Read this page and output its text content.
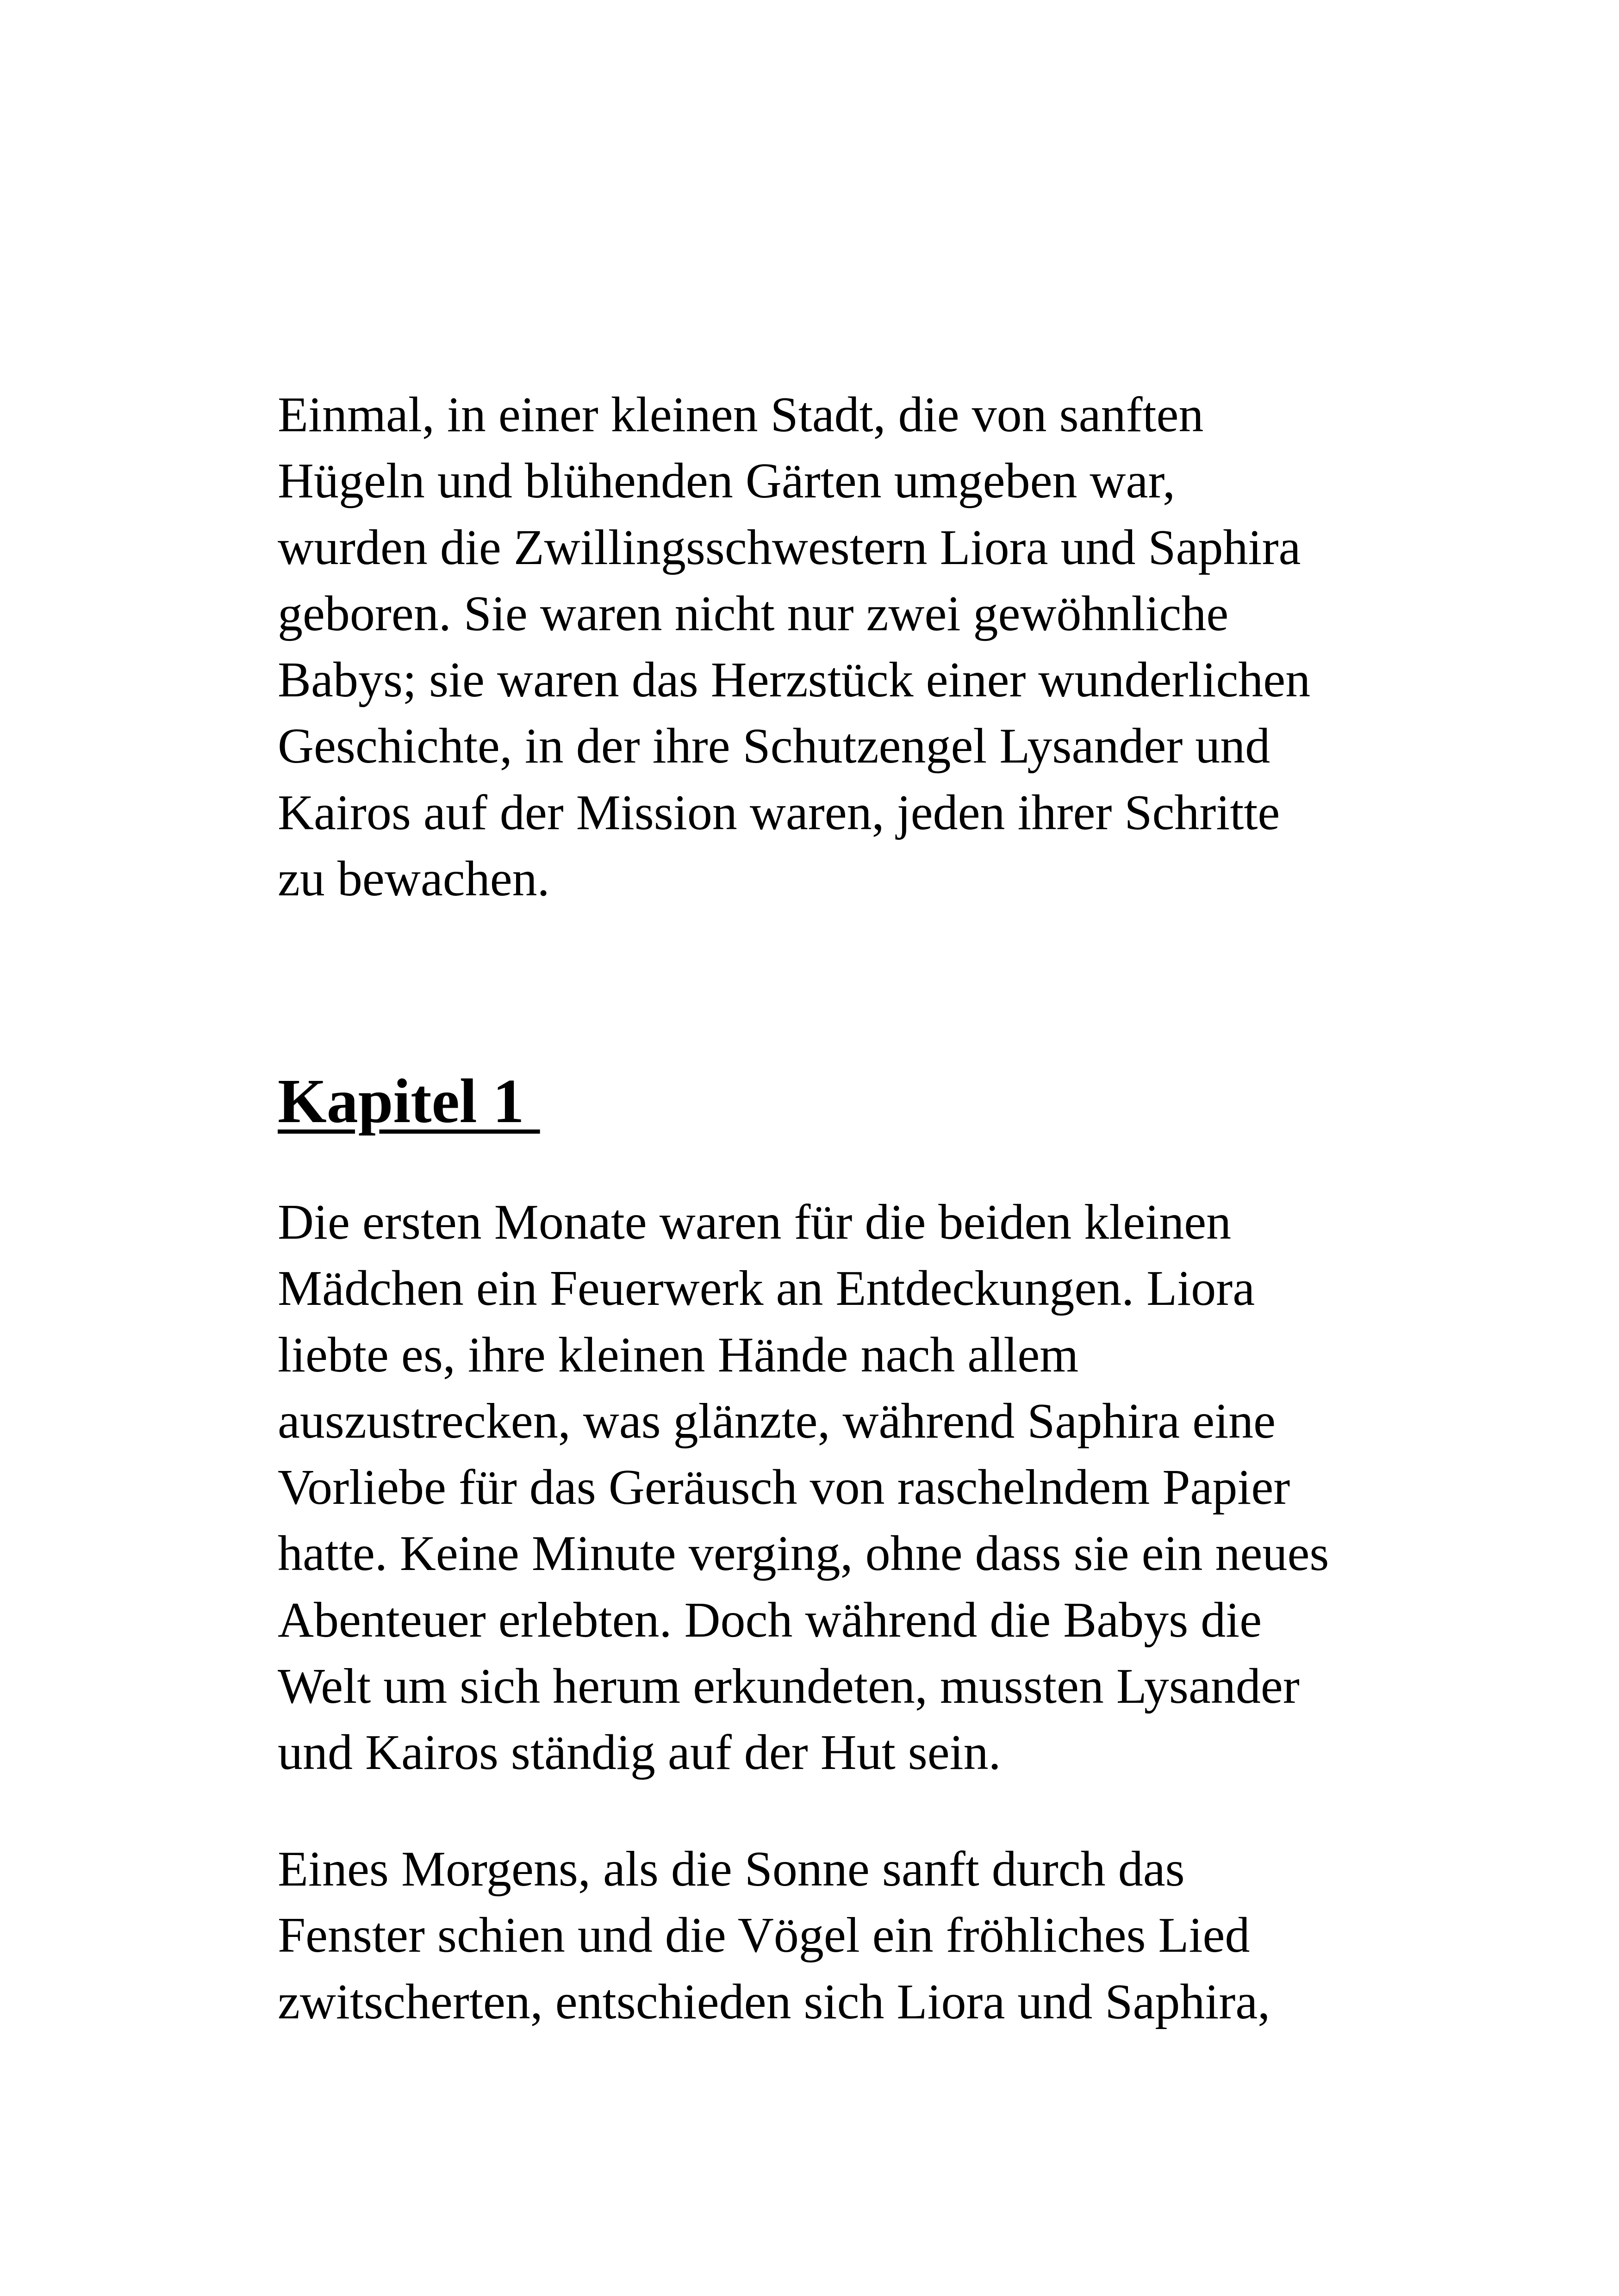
Einmal, in einer kleinen Stadt, die von sanften
Hügeln und blühenden Gärten umgeben war,
wurden die Zwillingsschwestern Liora und Saphira
geboren. Sie waren nicht nur zwei gewöhnliche
Babys; sie waren das Herzstück einer wunderlichen
Geschichte, in der ihre Schutzengel Lysander und
Kairos auf der Mission waren, jeden ihrer Schritte
zu bewachen.

Kapitel 1

Die ersten Monate waren für die beiden kleinen
Mädchen ein Feuerwerk an Entdeckungen. Liora
liebte es, ihre kleinen Hände nach allem
auszustrecken, was glänzte, während Saphira eine
Vorliebe für das Geräusch von raschelndem Papier
hatte. Keine Minute verging, ohne dass sie ein neues
Abenteuer erlebten. Doch während die Babys die
Welt um sich herum erkundeten, mussten Lysander
und Kairos ständig auf der Hut sein.

Eines Morgens, als die Sonne sanft durch das
Fenster schien und die Vögel ein fröhliches Lied
zwitscherten, entschieden sich Liora und Saphira,
